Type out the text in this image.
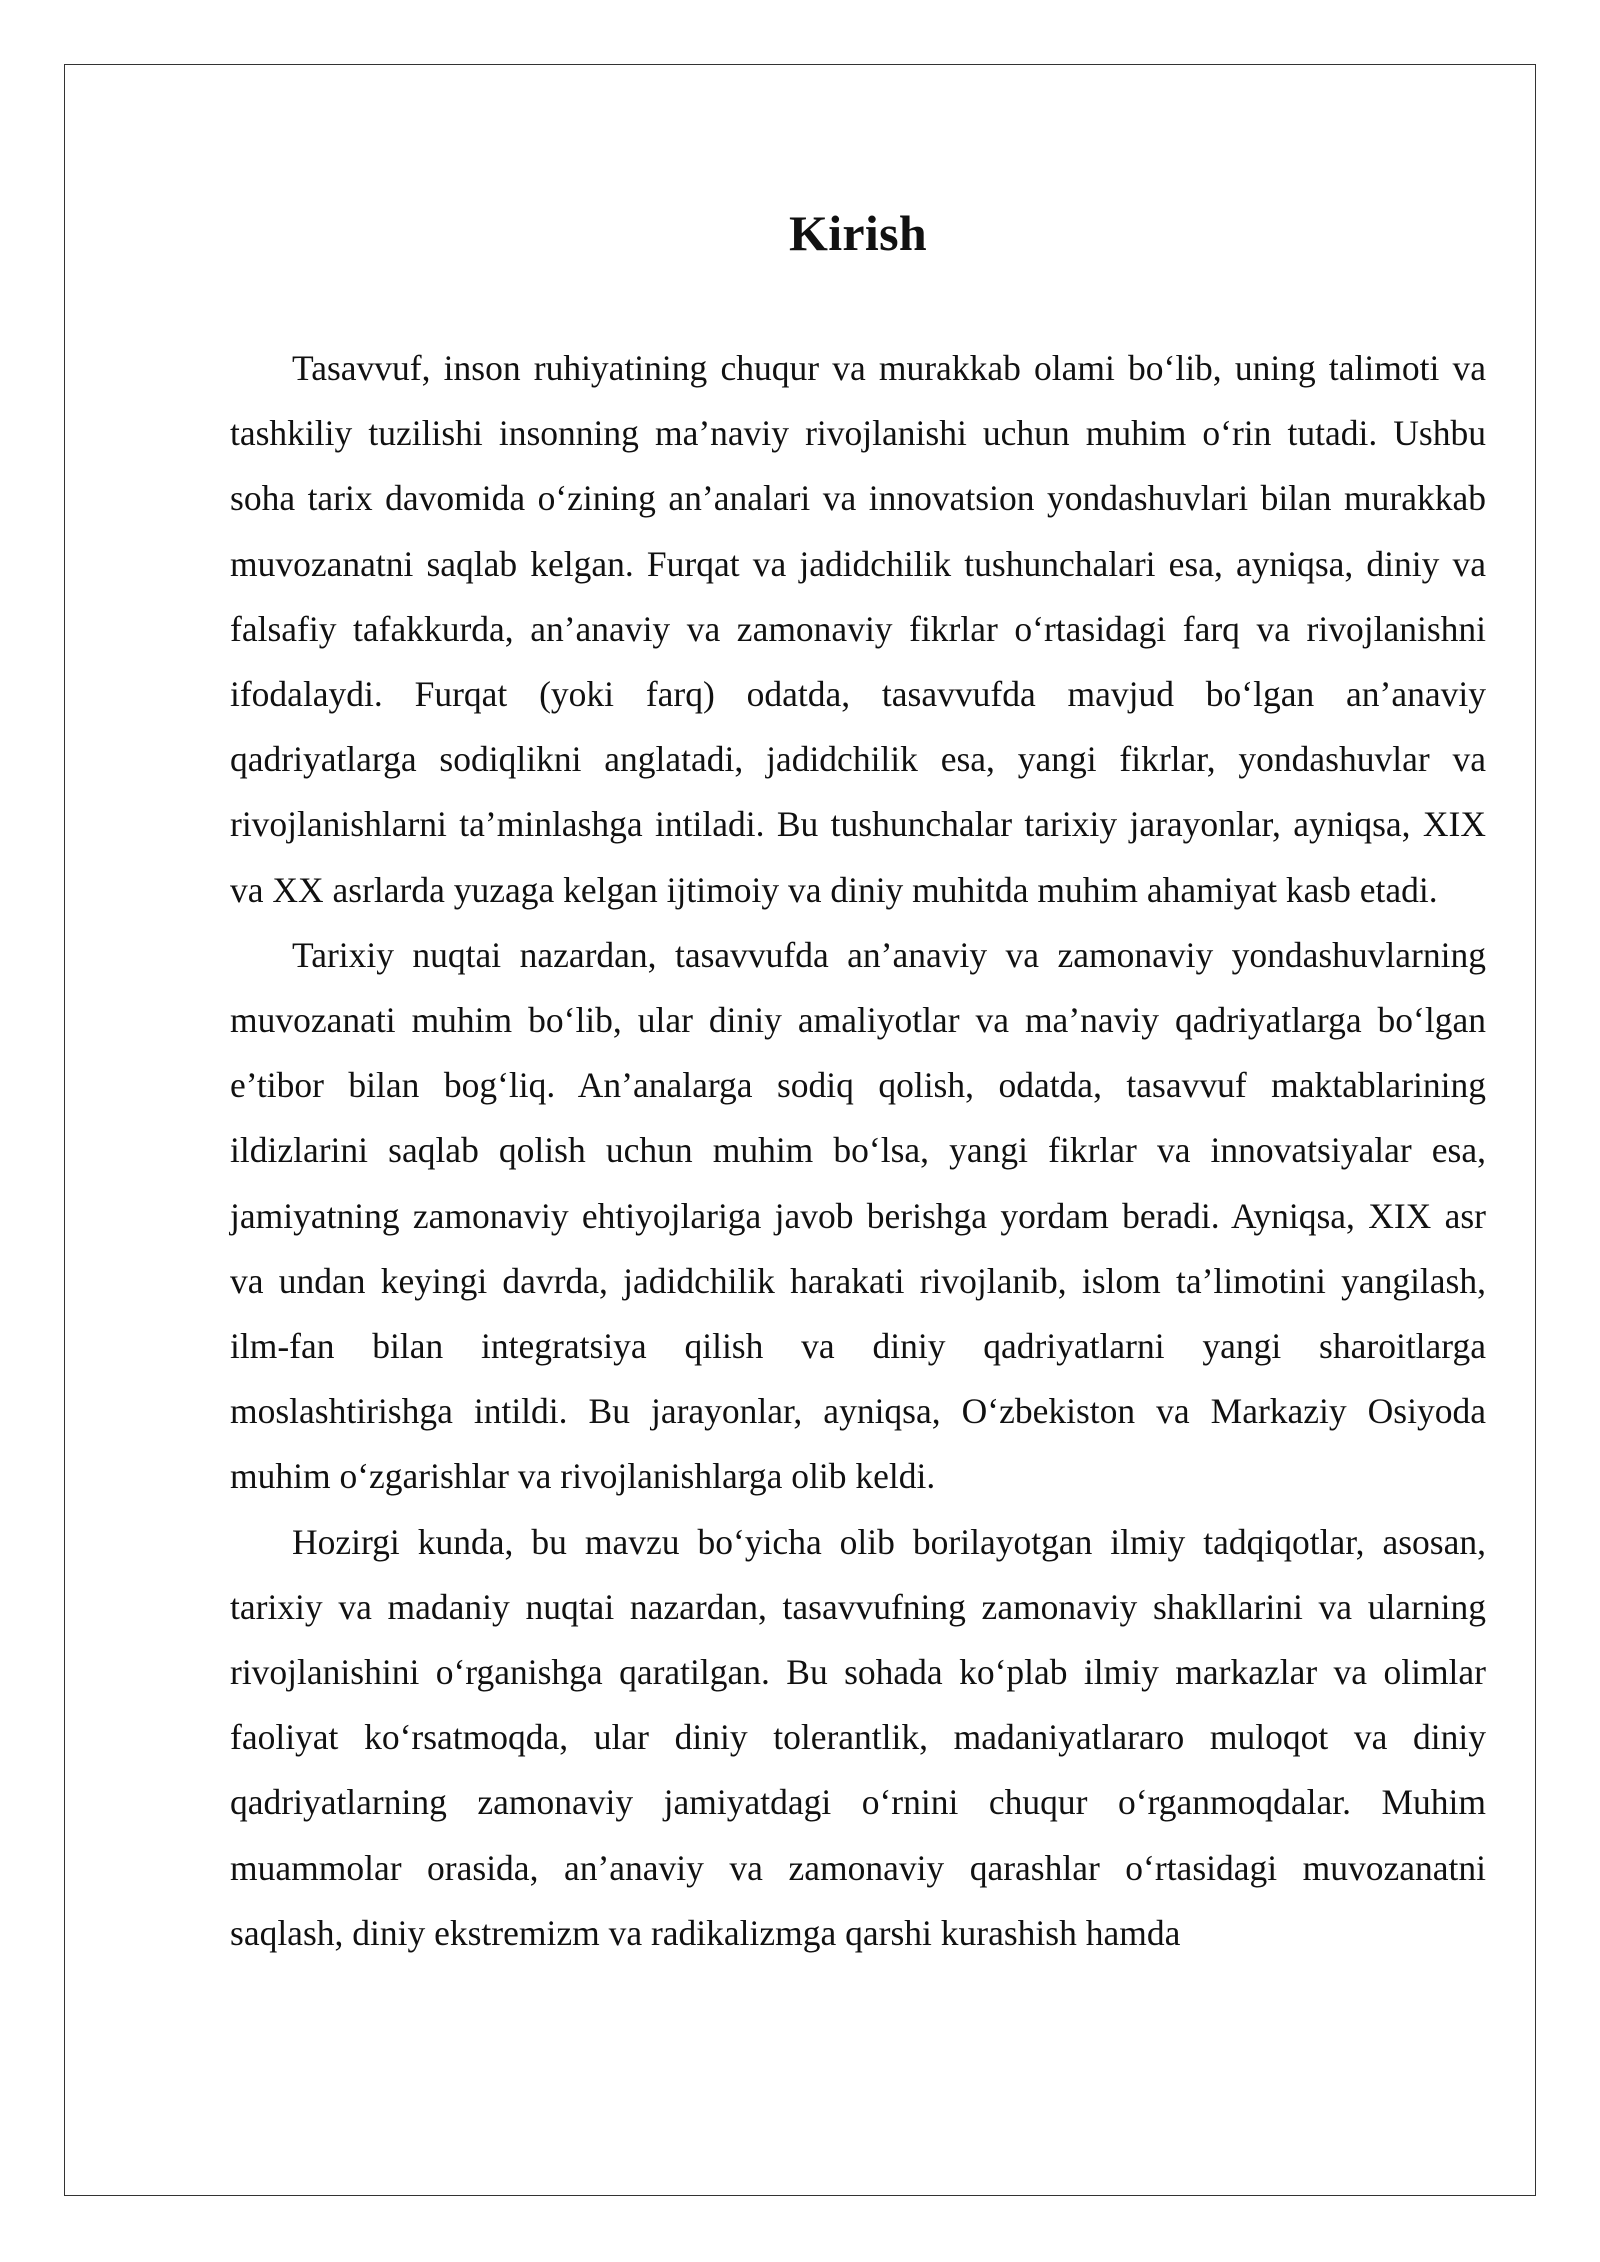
Kirish

Tasavvuf, inson ruhiyatining chuqur va murakkab olami bo‘lib, uning talimoti va tashkiliy tuzilishi insonning ma’naviy rivojlanishi uchun muhim o‘rin tutadi. Ushbu soha tarix davomida o‘zining an’analari va innovatsion yondashuvlari bilan murakkab muvozanatni saqlab kelgan. Furqat va jadidchilik tushunchalari esa, ayniqsa, diniy va falsafiy tafakkurda, an’anaviy va zamonaviy fikrlar o‘rtasidagi farq va rivojlanishni ifodalaydi. Furqat (yoki farq) odatda, tasavvufda mavjud bo‘lgan an’anaviy qadriyatlarga sodiqlikni anglatadi, jadidchilik esa, yangi fikrlar, yondashuvlar va rivojlanishlarni ta’minlashga intiladi. Bu tushunchalar tarixiy jarayonlar, ayniqsa, XIX va XX asrlarda yuzaga kelgan ijtimoiy va diniy muhitda muhim ahamiyat kasb etadi.

Tarixiy nuqtai nazardan, tasavvufda an’anaviy va zamonaviy yondashuvlarning muvozanati muhim bo‘lib, ular diniy amaliyotlar va ma’naviy qadriyatlarga bo‘lgan e’tibor bilan bog‘liq. An’analarga sodiq qolish, odatda, tasavvuf maktablarining ildizlarini saqlab qolish uchun muhim bo‘lsa, yangi fikrlar va innovatsiyalar esa, jamiyatning zamonaviy ehtiyojlariga javob berishga yordam beradi. Ayniqsa, XIX asr va undan keyingi davrda, jadidchilik harakati rivojlanib, islom ta’limotini yangilash, ilm-fan bilan integratsiya qilish va diniy qadriyatlarni yangi sharoitlarga moslashtirishga intildi. Bu jarayonlar, ayniqsa, O‘zbekiston va Markaziy Osiyoda muhim o‘zgarishlar va rivojlanishlarga olib keldi.

Hozirgi kunda, bu mavzu bo‘yicha olib borilayotgan ilmiy tadqiqotlar, asosan, tarixiy va madaniy nuqtai nazardan, tasavvufning zamonaviy shakllarini va ularning rivojlanishini o‘rganishga qaratilgan. Bu sohada ko‘plab ilmiy markazlar va olimlar faoliyat ko‘rsatmoqda, ular diniy tolerantlik, madaniyatlararo muloqot va diniy qadriyatlarning zamonaviy jamiyatdagi o‘rnini chuqur o‘rganmoqdalar. Muhim muammolar orasida, an’anaviy va zamonaviy qarashlar o‘rtasidagi muvozanatni saqlash, diniy ekstremizm va radikalizmga qarshi kurashish hamda
